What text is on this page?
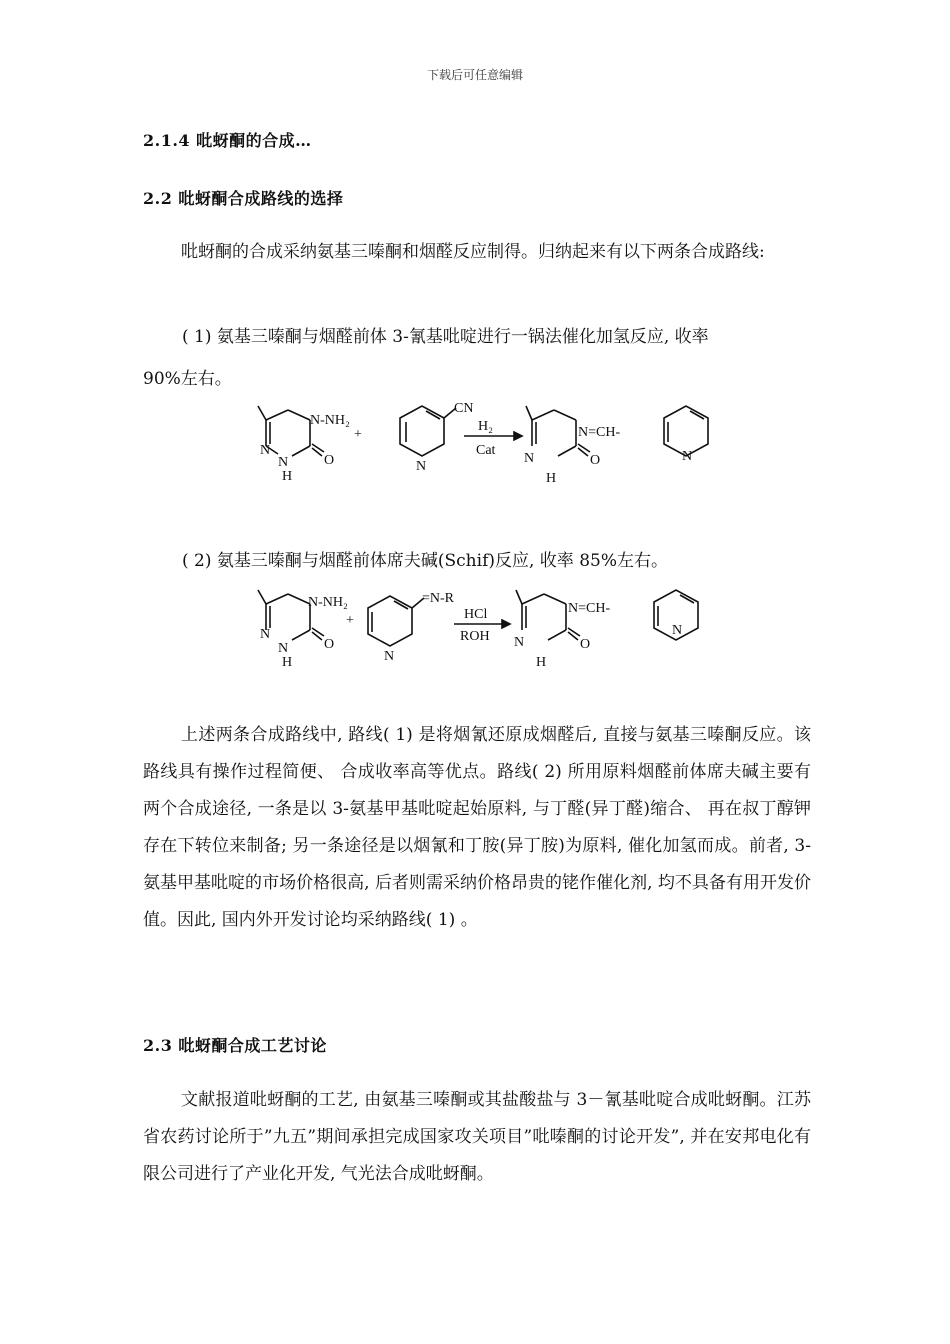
下载后可任意编辑
2.1.4 吡蚜酮的合成…
2.2 吡蚜酮合成路线的选择

吡蚜酮的合成采纳氨基三嗪酮和烟醛反应制得。归纳起来有以下两条合成路线:

( 1) 氨基三嗪酮与烟醛前体 3-氰基吡啶进行一锅法催化加氢反应, 收率
90%左右。
N-NH₂
N
N
H
O
+
N
CN
H₂
Cat
N=CH-
N
H
O	N
( 2) 氨基三嗪酮与烟醛前体席夫碱(Schif)反应, 收率 85%左右。
N-NH₂
N
N
H
O
+
N
=N-R
HCl
ROH
N=CH-
N
H
O
N

上述两条合成路线中, 路线( 1) 是将烟氰还原成烟醛后, 直接与氨基三嗪酮反应。该路线具有操作过程简便、 合成收率高等优点。路线( 2) 所用原料烟醛前体席夫碱主要有两个合成途径, 一条是以 3-氨基甲基吡啶起始原料, 与丁醛(异丁醛)缩合、 再在叔丁醇钾存在下转位来制备; 另一条途径是以烟氰和丁胺(异丁胺)为原料, 催化加氢而成。前者, 3-氨基甲基吡啶的市场价格很高, 后者则需采纳价格昂贵的铑作催化剂, 均不具备有用开发价值。因此, 国内外开发讨论均采纳路线( 1) 。

2.3 吡蚜酮合成工艺讨论

文献报道吡蚜酮的工艺, 由氨基三嗪酮或其盐酸盐与 3－氰基吡啶合成吡蚜酮。江苏省农药讨论所于”九五”期间承担完成国家攻关项目”吡嗪酮的讨论开发”, 并在安邦电化有限公司进行了产业化开发, 气光法合成吡蚜酮。
